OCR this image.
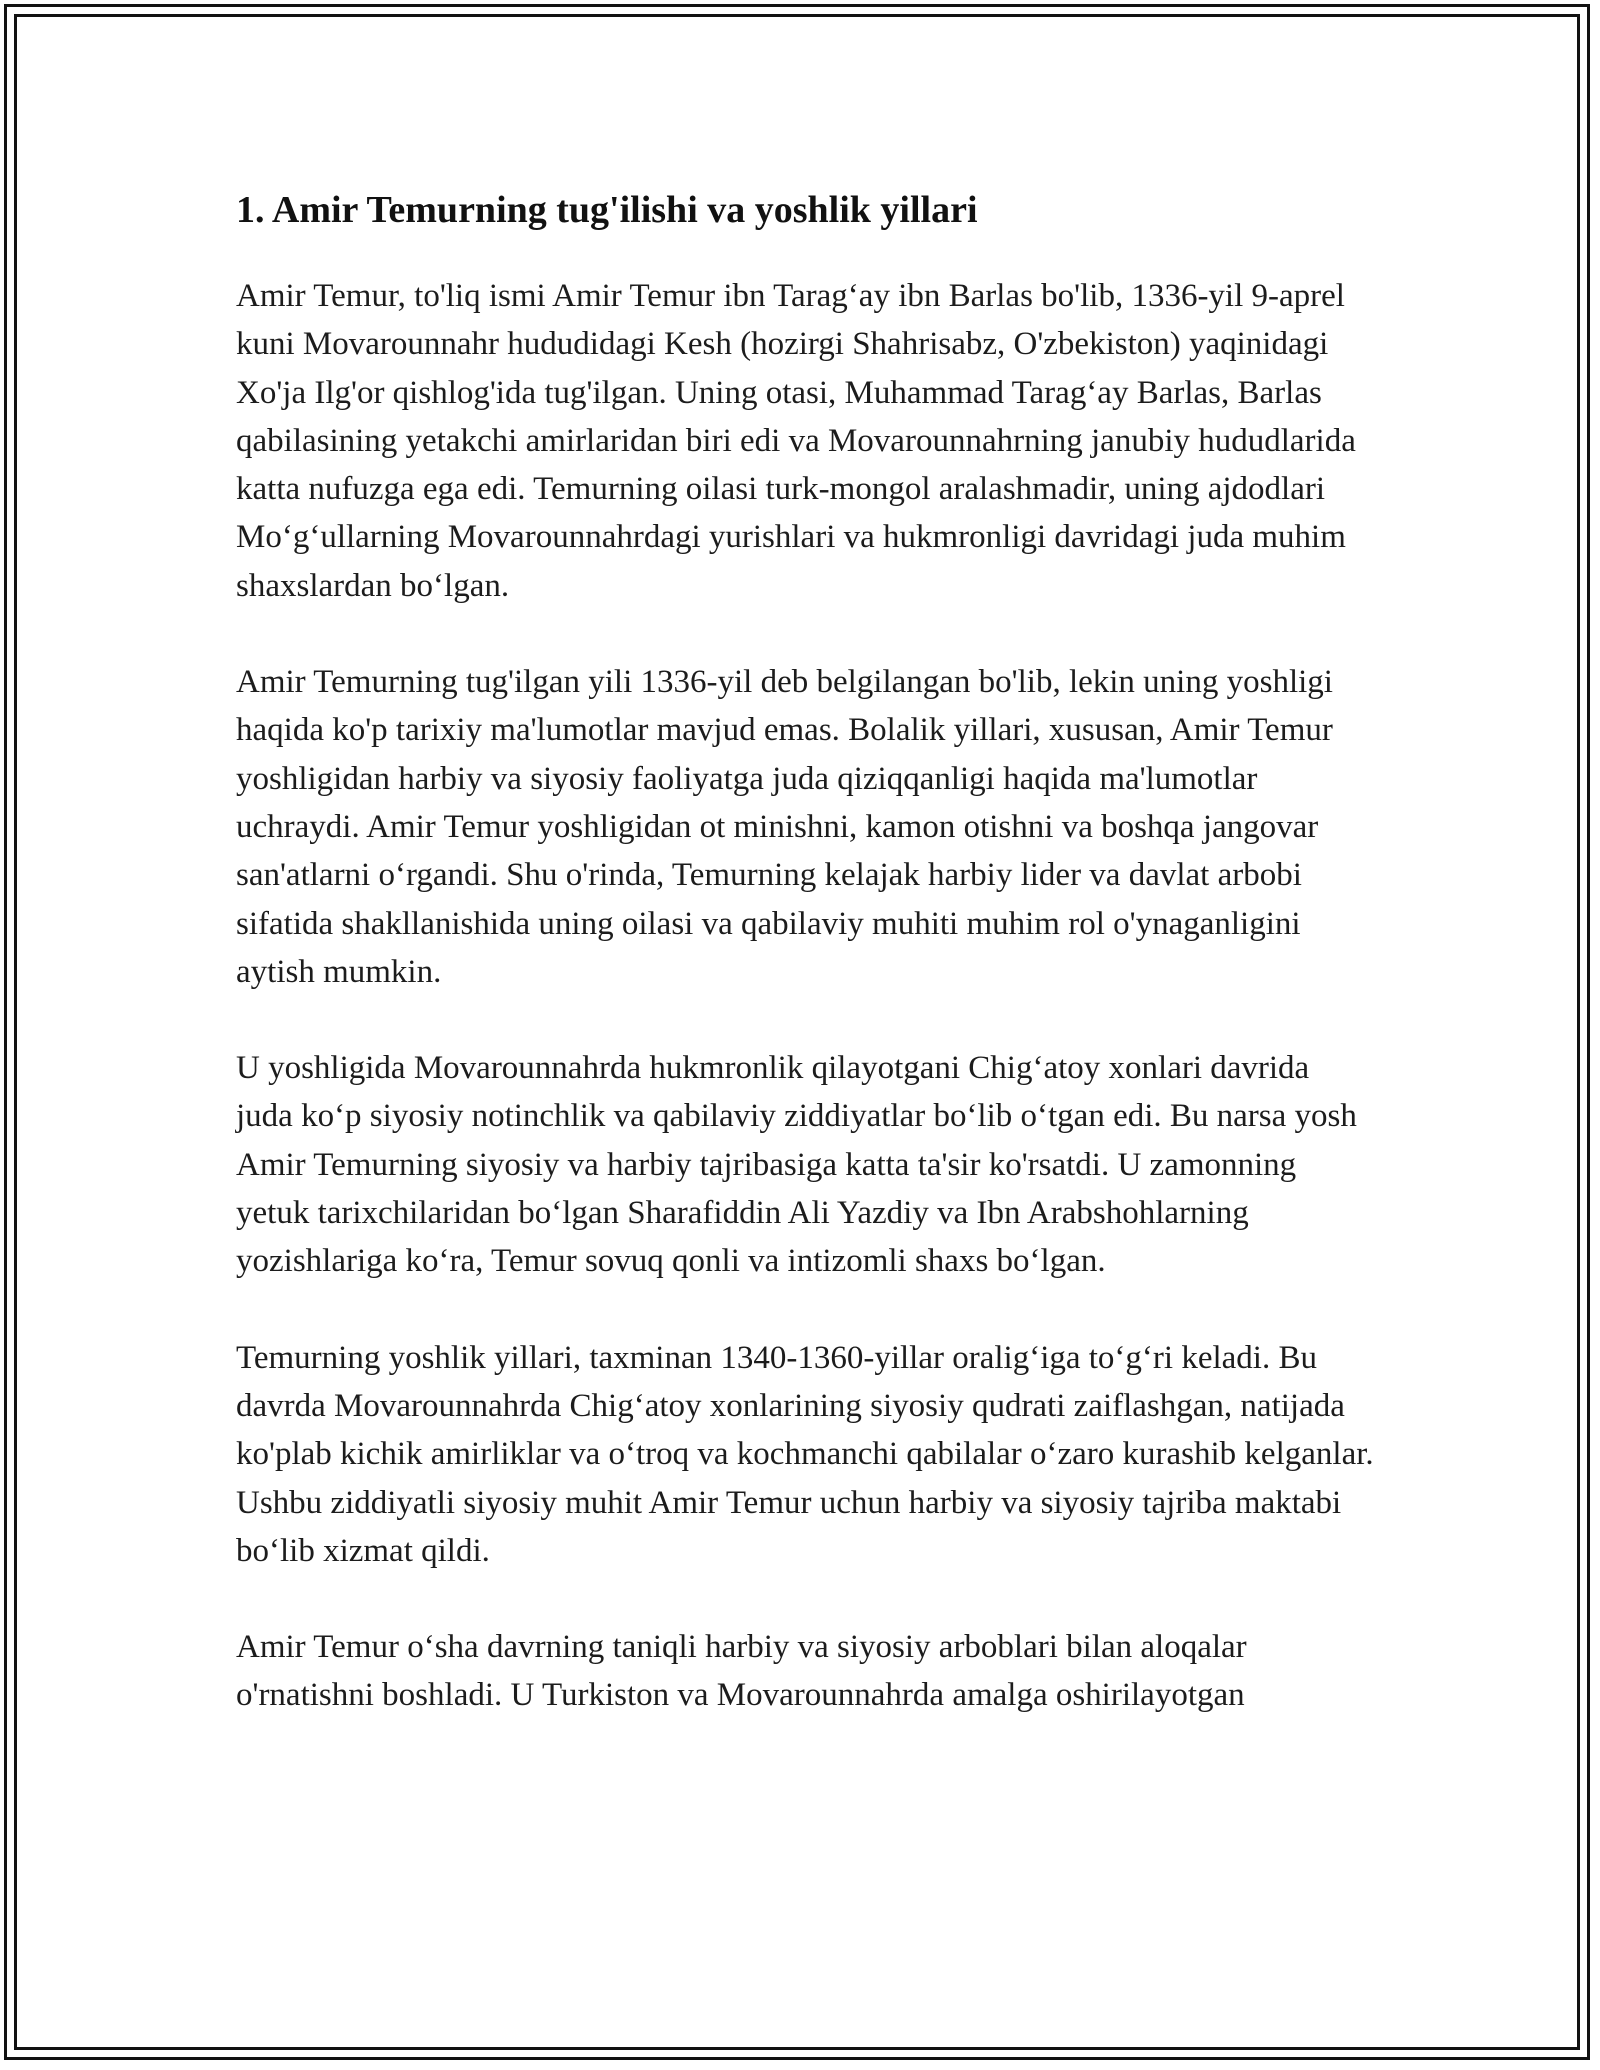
1. Amir Temurning tug'ilishi va yoshlik yillari

Amir Temur, to'liq ismi Amir Temur ibn Tarag‘ay ibn Barlas bo'lib, 1336-yil 9-aprel kuni Movarounnahr hududidagi Kesh (hozirgi Shahrisabz, O'zbekiston) yaqinidagi Xo'ja Ilg'or qishlog'ida tug'ilgan. Uning otasi, Muhammad Tarag‘ay Barlas, Barlas qabilasining yetakchi amirlaridan biri edi va Movarounnahrning janubiy hududlarida katta nufuzga ega edi. Temurning oilasi turk-mongol aralashmadir, uning ajdodlari Mo‘g‘ullarning Movarounnahrdagi yurishlari va hukmronligi davridagi juda muhim shaxslardan bo‘lgan.

Amir Temurning tug'ilgan yili 1336-yil deb belgilangan bo'lib, lekin uning yoshligi haqida ko'p tarixiy ma'lumotlar mavjud emas. Bolalik yillari, xususan, Amir Temur yoshligidan harbiy va siyosiy faoliyatga juda qiziqqanligi haqida ma'lumotlar uchraydi. Amir Temur yoshligidan ot minishni, kamon otishni va boshqa jangovar san'atlarni o‘rgandi. Shu o'rinda, Temurning kelajak harbiy lider va davlat arbobi sifatida shakllanishida uning oilasi va qabilaviy muhiti muhim rol o'ynaganligini aytish mumkin.

U yoshligida Movarounnahrda hukmronlik qilayotgani Chig‘atoy xonlari davrida juda ko‘p siyosiy notinchlik va qabilaviy ziddiyatlar bo‘lib o‘tgan edi. Bu narsa yosh Amir Temurning siyosiy va harbiy tajribasiga katta ta'sir ko'rsatdi. U zamonning yetuk tarixchilaridan bo‘lgan Sharafiddin Ali Yazdiy va Ibn Arabshohlarning yozishlariga ko‘ra, Temur sovuq qonli va intizomli shaxs bo‘lgan.

Temurning yoshlik yillari, taxminan 1340-1360-yillar oralig‘iga to‘g‘ri keladi. Bu davrda Movarounnahrda Chig‘atoy xonlarining siyosiy qudrati zaiflashgan, natijada ko'plab kichik amirliklar va o‘troq va kochmanchi qabilalar o‘zaro kurashib kelganlar. Ushbu ziddiyatli siyosiy muhit Amir Temur uchun harbiy va siyosiy tajriba maktabi bo‘lib xizmat qildi.

Amir Temur o‘sha davrning taniqli harbiy va siyosiy arboblari bilan aloqalar o'rnatishni boshladi. U Turkiston va Movarounnahrda amalga oshirilayotgan
